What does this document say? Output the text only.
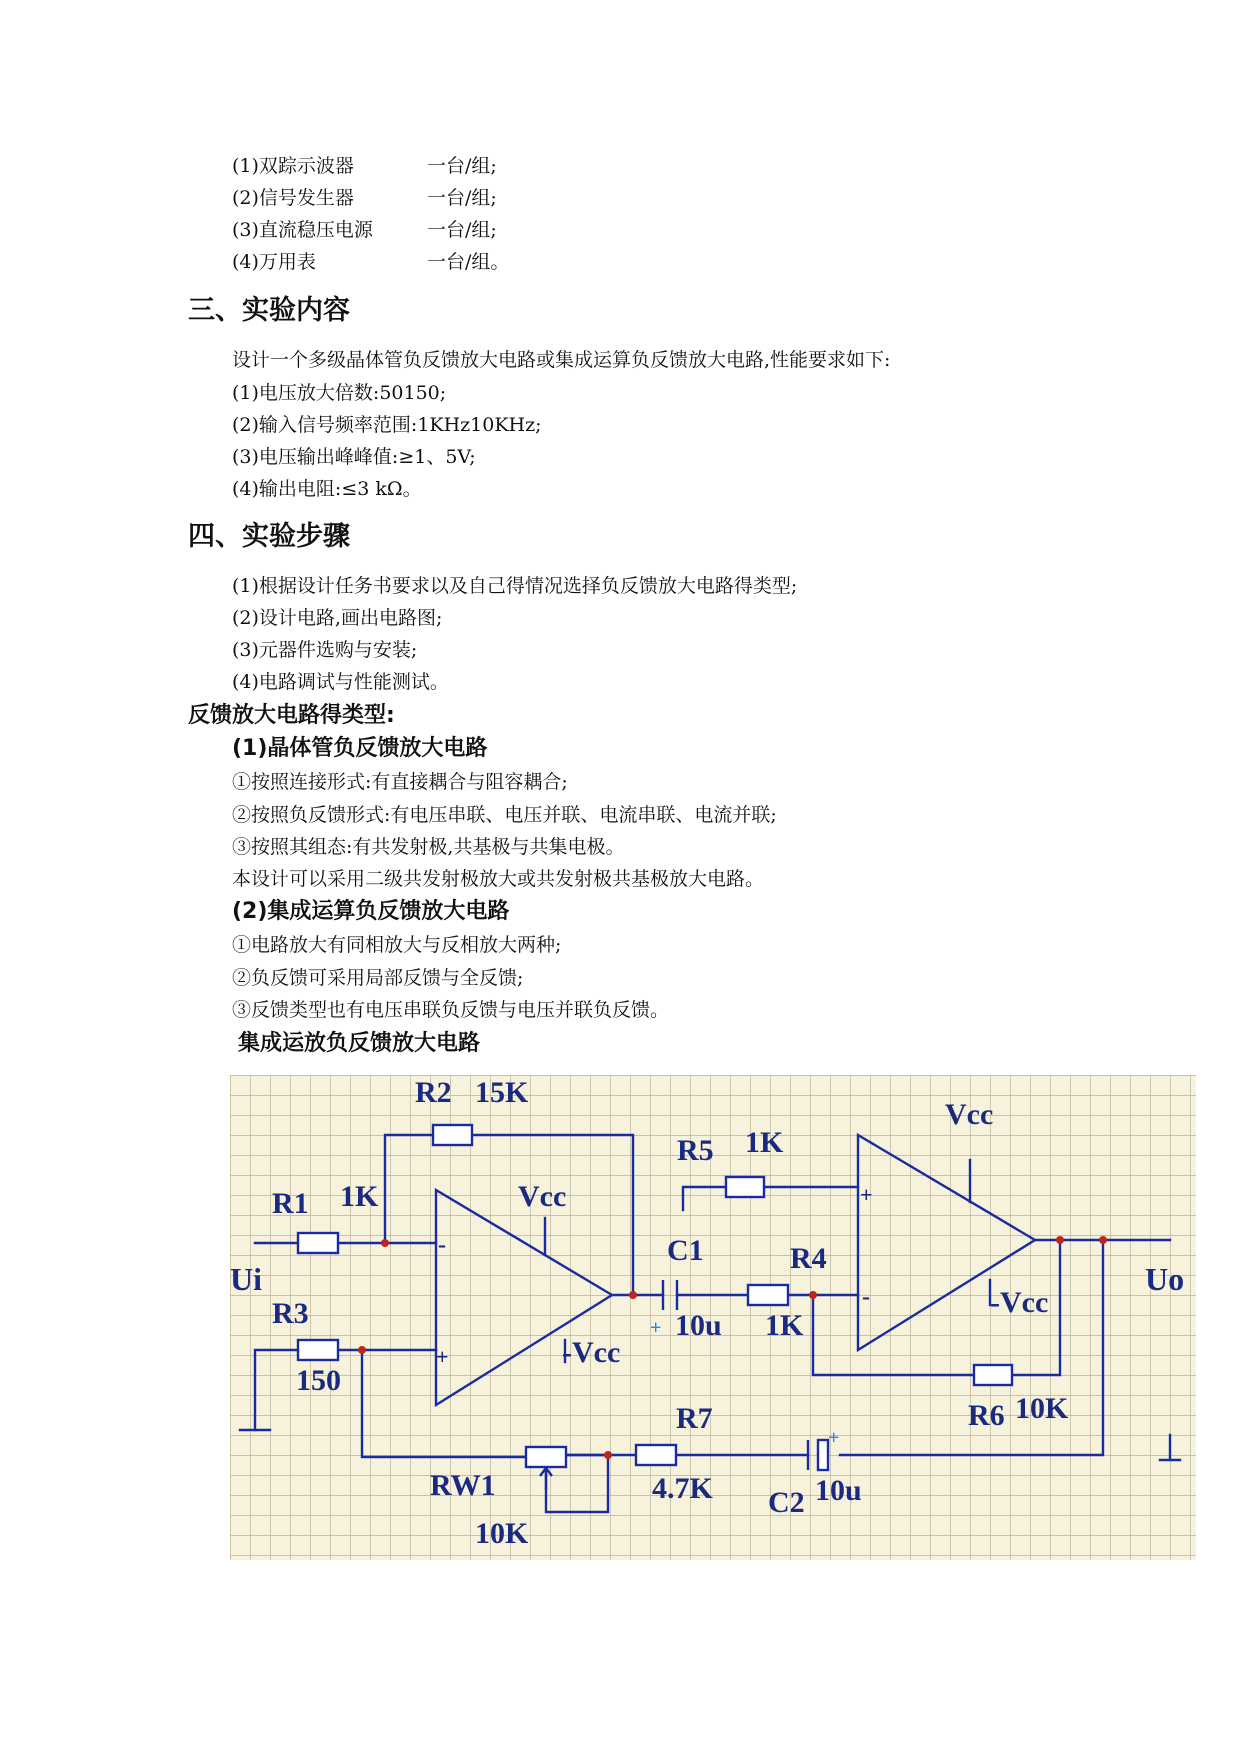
(1)双踪示波器	一台/组;
(2)信号发生器	一台/组;
(3)直流稳压电源	一台/组;
(4)万用表	一台/组。
三、实验内容
设计一个多级晶体管负反馈放大电路或集成运算负反馈放大电路,性能要求如下:
(1)电压放大倍数:50150;
(2)输入信号频率范围:1KHz10KHz;
(3)电压输出峰峰值:≥1、5V;
(4)输出电阻:≤3 kΩ。
四、实验步骤
(1)根据设计任务书要求以及自己得情况选择负反馈放大电路得类型;
(2)设计电路,画出电路图;
(3)元器件选购与安装;
(4)电路调试与性能测试。
反馈放大电路得类型:
(1)晶体管负反馈放大电路
①按照连接形式:有直接耦合与阻容耦合;
②按照负反馈形式:有电压串联、电压并联、电流串联、电流并联;
③按照其组态:有共发射极,共基极与共集电极。
本设计可以采用二级共发射极放大或共发射极共基极放大电路。
(2)集成运算负反馈放大电路
①电路放大有同相放大与反相放大两种;
②负反馈可采用局部反馈与全反馈;
③反馈类型也有电压串联负反馈与电压并联负反馈。
集成运放负反馈放大电路
-
+
+
-
+
+
R2 15K
R1 1K	Vcc
Ui
R3
150
-Vcc
R5 1K
Vcc
C1
10u
R4
1K
-Vcc
Uo
R6 10K
R7
4.7K
RW1
10K
C2 10u
